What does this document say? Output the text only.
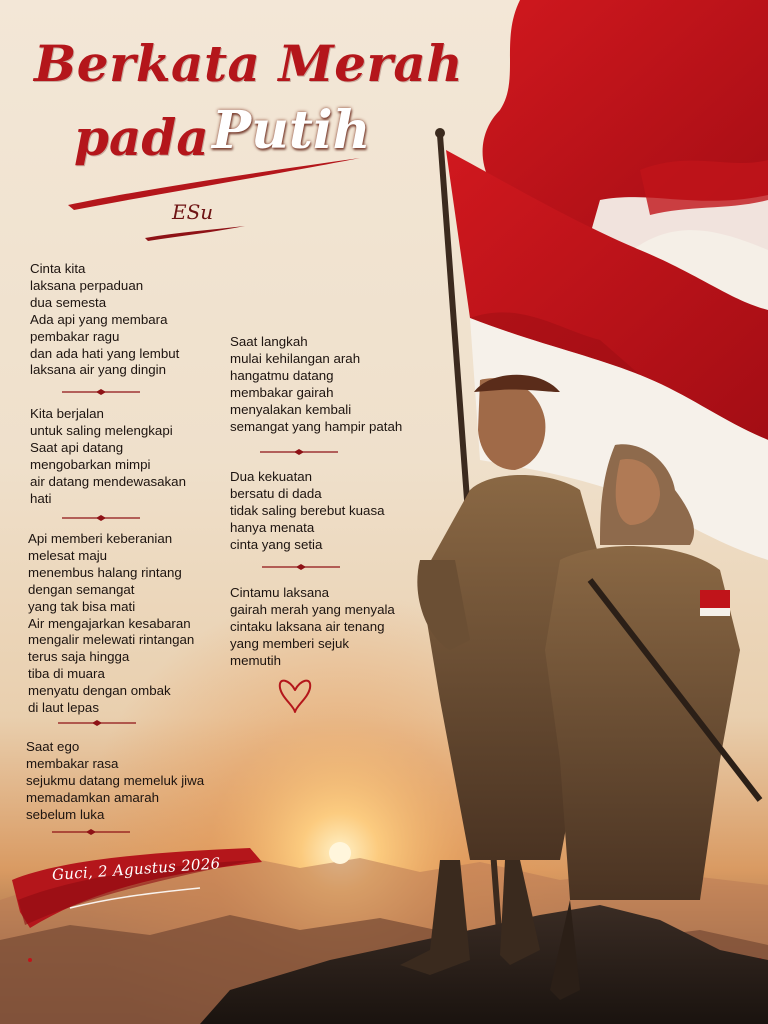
Berkata Merah
pada Putih
ESu
Cinta kita
laksana perpaduan
dua semesta
Ada api yang membara
pembakar ragu
dan ada hati yang lembut
laksana air yang dingin
Kita berjalan
untuk saling melengkapi
Saat api datang
mengobarkan mimpi
air datang mendewasakan
hati
Api memberi keberanian
melesat maju
menembus halang rintang
dengan semangat
yang tak bisa mati
Air mengajarkan kesabaran
mengalir melewati rintangan
terus saja hingga
tiba di muara
menyatu dengan ombak
di laut lepas
Saat ego
membakar rasa
sejukmu datang memeluk jiwa
memadamkan amarah
sebelum luka
Saat langkah
mulai kehilangan arah
hangatmu datang
membakar gairah
menyalakan kembali
semangat yang hampir patah
Dua kekuatan
bersatu di dada
tidak saling berebut kuasa
hanya menata
cinta yang setia
Cintamu laksana
gairah merah yang menyala
cintaku laksana air tenang
yang memberi sejuk
memutih
Guci, 2 Agustus 2026
